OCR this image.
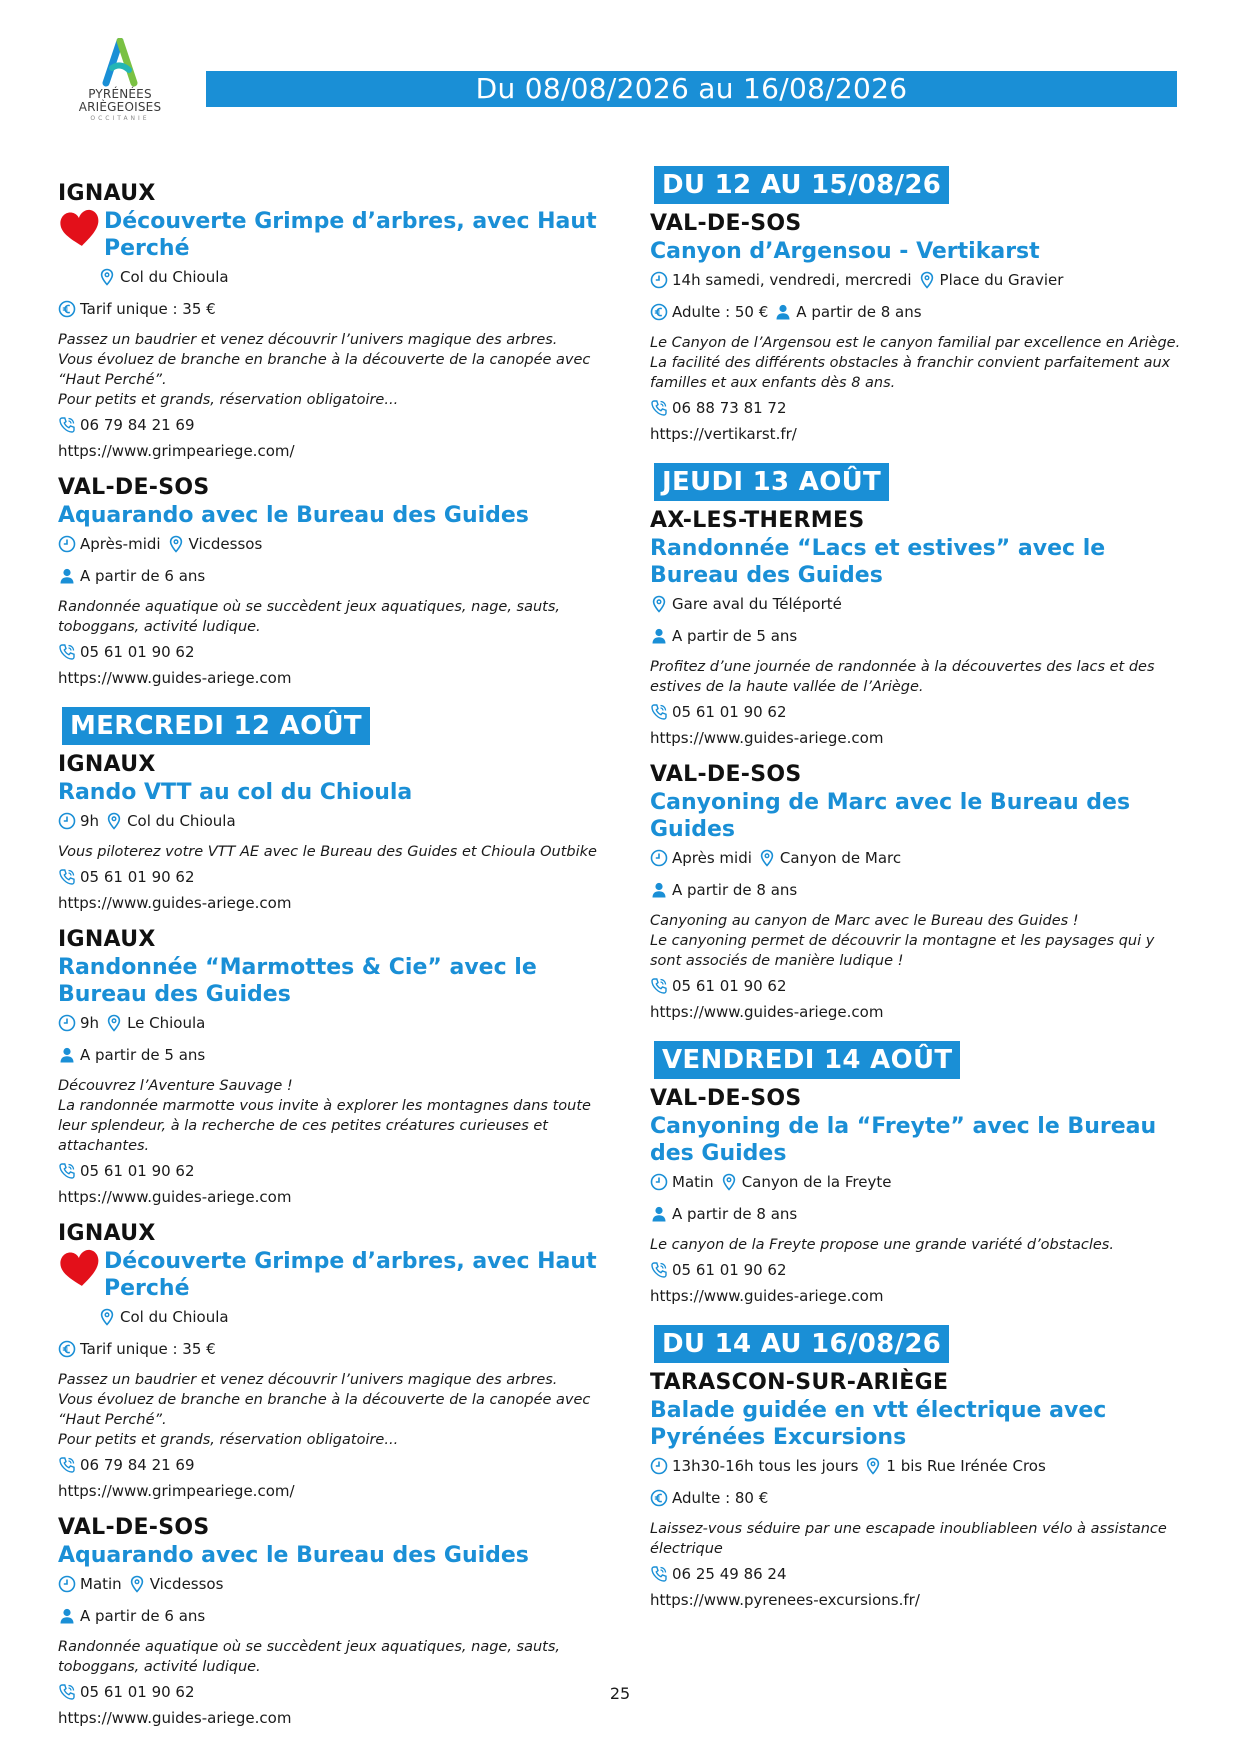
PYRÉNÉES
ARIÈGEOISES
OCCITANIE
Du 08/08/2026 au 16/08/2026
IGNAUX
Découverte Grimpe d’arbres, avec Haut Perché
Col du Chioula
Tarif unique : 35 €
Passez un baudrier et venez découvrir l’univers magique des arbres.
Vous évoluez de branche en branche à la découverte de la canopée avec “Haut Perché”.
Pour petits et grands, réservation obligatoire...
06 79 84 21 69
https://www.grimpeariege.com/
VAL-DE-SOS
Aquarando avec le Bureau des Guides
Après-midi Vicdessos
A partir de 6 ans
Randonnée aquatique où se succèdent jeux aquatiques, nage, sauts, toboggans, activité ludique.
05 61 01 90 62
https://www.guides-ariege.com
MERCREDI 12 AOÛT
IGNAUX
Rando VTT au col du Chioula
9h Col du Chioula
Vous piloterez votre VTT AE avec le Bureau des Guides et Chioula Outbike
05 61 01 90 62
https://www.guides-ariege.com
IGNAUX
Randonnée “Marmottes & Cie” avec le Bureau des Guides
9h Le Chioula
A partir de 5 ans
Découvrez l’Aventure Sauvage !
La randonnée marmotte vous invite à explorer les montagnes dans toute leur splendeur, à la recherche de ces petites créatures curieuses et attachantes.
05 61 01 90 62
https://www.guides-ariege.com
IGNAUX
Découverte Grimpe d’arbres, avec Haut Perché
Col du Chioula
Tarif unique : 35 €
Passez un baudrier et venez découvrir l’univers magique des arbres.
Vous évoluez de branche en branche à la découverte de la canopée avec “Haut Perché”.
Pour petits et grands, réservation obligatoire...
06 79 84 21 69
https://www.grimpeariege.com/
VAL-DE-SOS
Aquarando avec le Bureau des Guides
Matin Vicdessos
A partir de 6 ans
Randonnée aquatique où se succèdent jeux aquatiques, nage, sauts, toboggans, activité ludique.
05 61 01 90 62
https://www.guides-ariege.com
DU 12 AU 15/08/26
VAL-DE-SOS
Canyon d’Argensou - Vertikarst
14h samedi, vendredi, mercredi Place du Gravier
Adulte : 50 € A partir de 8 ans
Le Canyon de l’Argensou est le canyon familial par excellence en Ariège. La facilité des différents obstacles à franchir convient parfaitement aux familles et aux enfants dès 8 ans.
06 88 73 81 72
https://vertikarst.fr/
JEUDI 13 AOÛT
AX-LES-THERMES
Randonnée “Lacs et estives” avec le Bureau des Guides
Gare aval du Téléporté
A partir de 5 ans
Profitez d’une journée de randonnée à la découvertes des lacs et des estives de la haute vallée de l’Ariège.
05 61 01 90 62
https://www.guides-ariege.com
VAL-DE-SOS
Canyoning de Marc avec le Bureau des Guides
Après midi Canyon de Marc
A partir de 8 ans
Canyoning au canyon de Marc avec le Bureau des Guides !
Le canyoning permet de découvrir la montagne et les paysages qui y sont associés de manière ludique !
05 61 01 90 62
https://www.guides-ariege.com
VENDREDI 14 AOÛT
VAL-DE-SOS
Canyoning de la “Freyte” avec le Bureau des Guides
Matin Canyon de la Freyte
A partir de 8 ans
Le canyon de la Freyte propose une grande variété d’obstacles.
05 61 01 90 62
https://www.guides-ariege.com
DU 14 AU 16/08/26
TARASCON-SUR-ARIÈGE
Balade guidée en vtt électrique avec Pyrénées Excursions
13h30-16h tous les jours 1 bis Rue Irénée Cros
Adulte : 80 €
Laissez-vous séduire par une escapade inoubliableen vélo à assistance électrique
06 25 49 86 24
https://www.pyrenees-excursions.fr/
25
